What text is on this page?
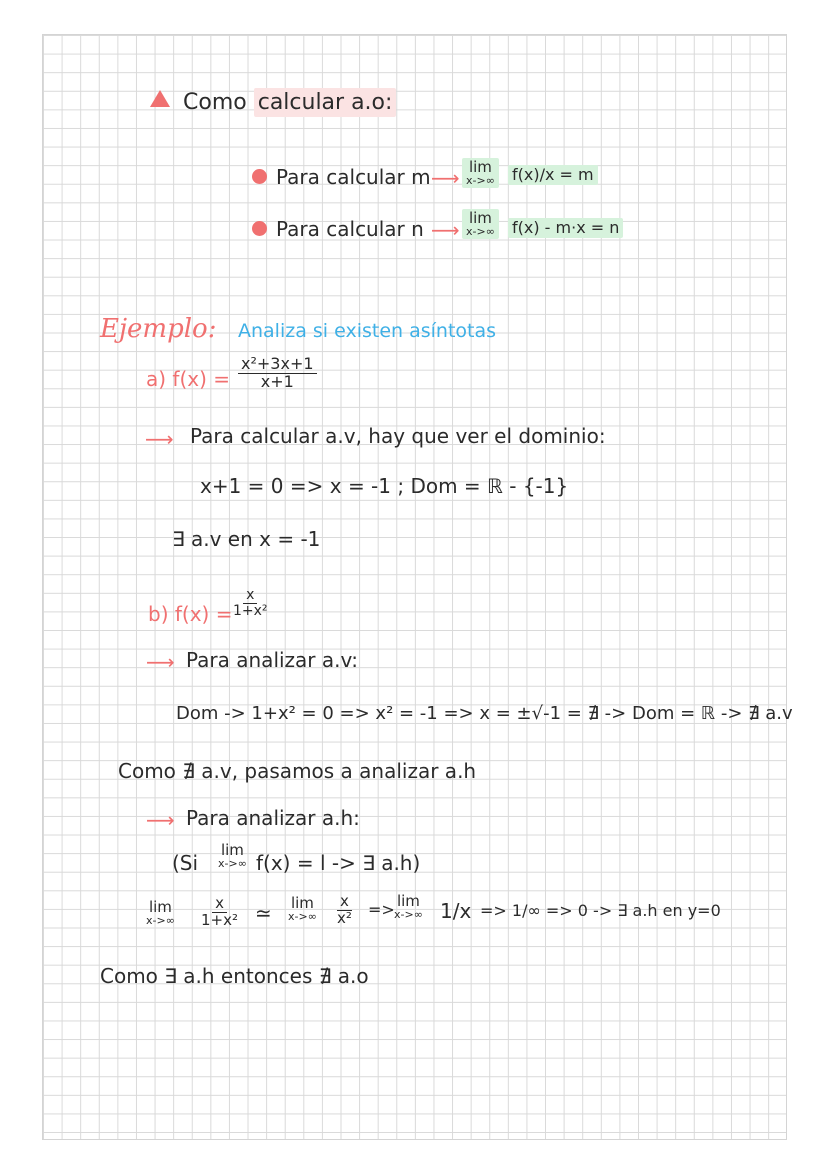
Como calcular a.o:
Para calcular m ⟶ lim
x->∞ f(x)/x = m
Para calcular n ⟶ lim
x->∞ f(x) - m·x = n
Ejemplo: Analiza si existen asíntotas
a) $f(x) = \frac{\text{x²+3x+1}}{x+1}$
⟶ Para calcular a.v, hay que ver el dominio:
x+1 = 0 => x = -1 ; Dom = ℝ - {-1}
∃ a.v en x = -1
b) f(x) =
$\frac{x}{\text{1+x²}}$
⟶ Para analizar a.v:
Dom -> 1+x² = 0 => x² = -1 => x = ±√-1 = ∄ -> Dom = ℝ -> ∄ a.v
Como ∄ a.v, pasamos a analizar a.h
⟶ Para analizar a.h:
(Si
lim
x->∞ f(x) = l -> ∃ a.h)
lim
$x->\infty \frac{x}{\text{1+x²}}$ ≃ lim
$x->\infty \frac{x}{\text{x²}} => \lim$
x->∞ 1/x => 1/∞ => 0 -> ∃ a.h en y=0
Como ∃ a.h entonces ∄ a.o
